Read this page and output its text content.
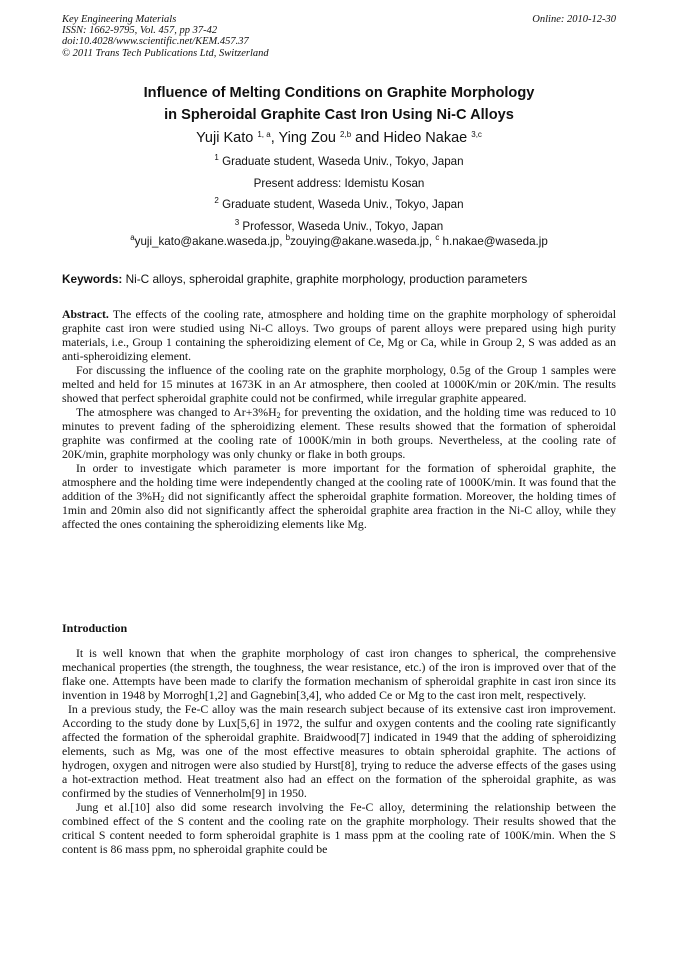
Key Engineering Materials
ISSN: 1662-9795, Vol. 457, pp 37-42
doi:10.4028/www.scientific.net/KEM.457.37
© 2011 Trans Tech Publications Ltd, Switzerland
Online: 2010-12-30
Influence of Melting Conditions on Graphite Morphology
in Spheroidal Graphite Cast Iron Using Ni-C Alloys
Yuji Kato $^{1, a}$, Ying Zou $^{2,b}$ and Hideo Nakae $^{3,c}$
$^1$ Graduate student, Waseda Univ., Tokyo, Japan
Present address: Idemistu Kosan
$^2$ Graduate student, Waseda Univ., Tokyo, Japan
$^3$ Professor, Waseda Univ., Tokyo, Japan
$^a$yuji_kato@akane.waseda.jp, $^b$zouying@akane.waseda.jp, $^c$ h.nakae@waseda.jp
Keywords: Ni-C alloys, spheroidal graphite, graphite morphology, production parameters

Abstract. The effects of the cooling rate, atmosphere and holding time on the graphite morphology of spheroidal graphite cast iron were studied using Ni-C alloys. Two groups of parent alloys were prepared using high purity materials, i.e., Group 1 containing the spheroidizing element of Ce, Mg or Ca, while in Group 2, S was added as an anti-spheroidizing element.

For discussing the influence of the cooling rate on the graphite morphology, 0.5g of the Group 1 samples were melted and held for 15 minutes at 1673K in an Ar atmosphere, then cooled at 1000K/min or 20K/min. The results showed that perfect spheroidal graphite could not be confirmed, while irregular graphite appeared.

The atmosphere was changed to $Ar+3\%H_2$ for preventing the oxidation, and the holding time was reduced to 10 minutes to prevent fading of the spheroidizing element. These results showed that the formation of spheroidal graphite was confirmed at the cooling rate of 1000K/min in both groups. Nevertheless, at the cooling rate of 20K/min, graphite morphology was only chunky or flake in both groups.

In order to investigate which parameter is more important for the formation of spheroidal graphite, the atmosphere and the holding time were independently changed at the cooling rate of 1000K/min. It was found that the addition of the $3\%H_2$ did not significantly affect the spheroidal graphite formation. Moreover, the holding times of 1min and 20min also did not significantly affect the spheroidal graphite area fraction in the Ni-C alloy, while they affected the ones containing the spheroidizing elements like Mg.

Introduction

It is well known that when the graphite morphology of cast iron changes to spherical, the comprehensive mechanical properties (the strength, the toughness, the wear resistance, etc.) of the iron is improved over that of the flake one. Attempts have been made to clarify the formation mechanism of spheroidal graphite in cast iron since its invention in 1948 by Morrogh[1,2] and Gagnebin[3,4], who added Ce or Mg to the cast iron melt, respectively.

In a previous study, the Fe-C alloy was the main research subject because of its extensive cast iron improvement. According to the study done by Lux[5,6] in 1972, the sulfur and oxygen contents and the cooling rate significantly affected the formation of the spheroidal graphite. Braidwood[7] indicated in 1949 that the adding of spheroidizing elements, such as Mg, was one of the most effective measures to obtain spheroidal graphite. The actions of hydrogen, oxygen and nitrogen were also studied by Hurst[8], trying to reduce the adverse effects of the gases using a hot-extraction method. Heat treatment also had an effect on the formation of the spheroidal graphite, as was confirmed by the studies of Vennerholm[9] in 1950.

Jung et al.[10] also did some research involving the Fe-C alloy, determining the relationship between the combined effect of the S content and the cooling rate on the graphite morphology. Their results showed that the critical S content needed to form spheroidal graphite is 1 mass ppm at the cooling rate of 100K/min. When the S content is 86 mass ppm, no spheroidal graphite could be
